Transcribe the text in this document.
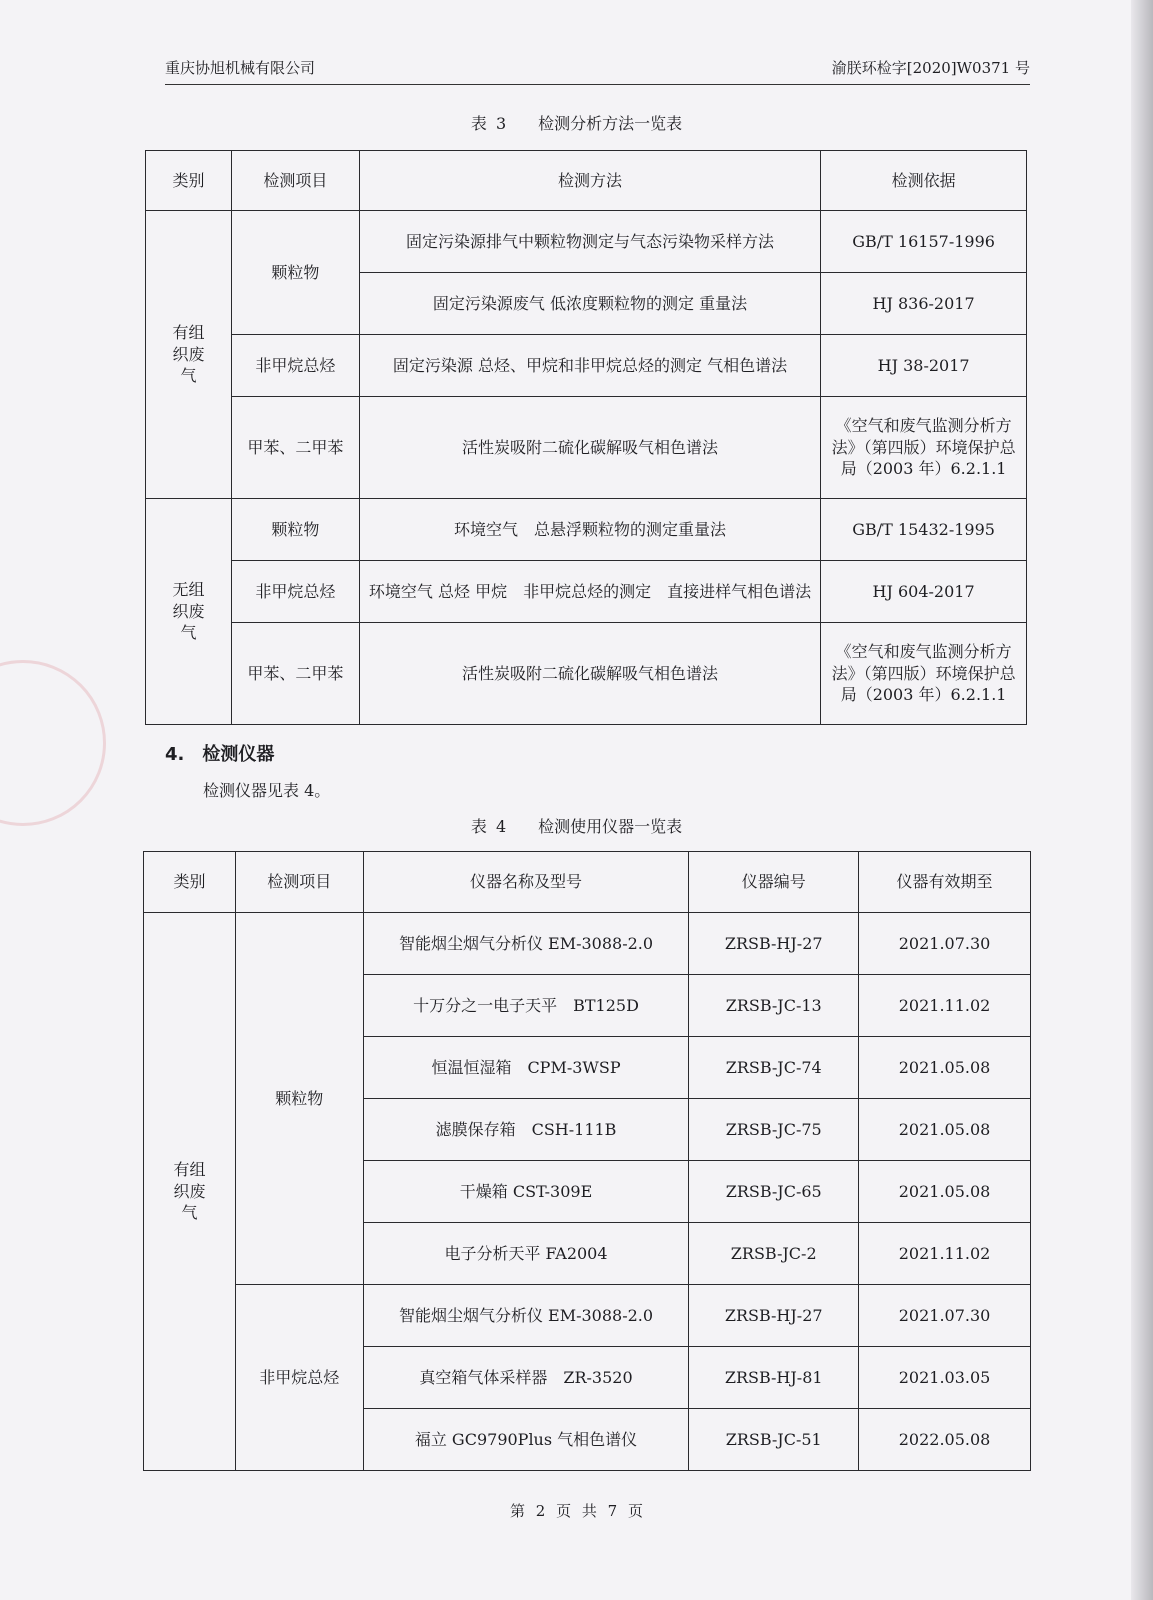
重庆协旭机械有限公司	渝朕环检字[2020]W0371 号
表 3　　检测分析方法一览表
类别	检测项目	检测方法	检测依据

有组织废气	颗粒物	固定污染源排气中颗粒物测定与气态污染物采样方法	GB/T 16157-1996
		固定污染源废气 低浓度颗粒物的测定 重量法	HJ 836-2017
	非甲烷总烃	固定污染源 总烃、甲烷和非甲烷总烃的测定 气相色谱法	HJ 38-2017
	甲苯、二甲苯	活性炭吸附二硫化碳解吸气相色谱法	《空气和废气监测分析方法》（第四版）环境保护总局（2003 年）6.2.1.1

无组织废气	颗粒物	环境空气　总悬浮颗粒物的测定重量法	GB/T 15432-1995
	非甲烷总烃	环境空气 总烃 甲烷　非甲烷总烃的测定　直接进样气相色谱法	HJ 604-2017
	甲苯、二甲苯	活性炭吸附二硫化碳解吸气相色谱法	《空气和废气监测分析方法》（第四版）环境保护总局（2003 年）6.2.1.1
4.　检测仪器
检测仪器见表 4。
表 4　　检测使用仪器一览表
类别	检测项目	仪器名称及型号	仪器编号	仪器有效期至

有组织废气	颗粒物	智能烟尘烟气分析仪 EM-3088-2.0	ZRSB-HJ-27	2021.07.30
		十万分之一电子天平　BT125D	ZRSB-JC-13	2021.11.02
		恒温恒湿箱　CPM-3WSP	ZRSB-JC-74	2021.05.08
		滤膜保存箱　CSH-111B	ZRSB-JC-75	2021.05.08
		干燥箱 CST-309E	ZRSB-JC-65	2021.05.08
		电子分析天平 FA2004	ZRSB-JC-2	2021.11.02
	非甲烷总烃	智能烟尘烟气分析仪 EM-3088-2.0	ZRSB-HJ-27	2021.07.30
		真空箱气体采样器　ZR-3520	ZRSB-HJ-81	2021.03.05
		福立 GC9790Plus 气相色谱仪	ZRSB-JC-51	2022.05.08
第 2 页 共 7 页
